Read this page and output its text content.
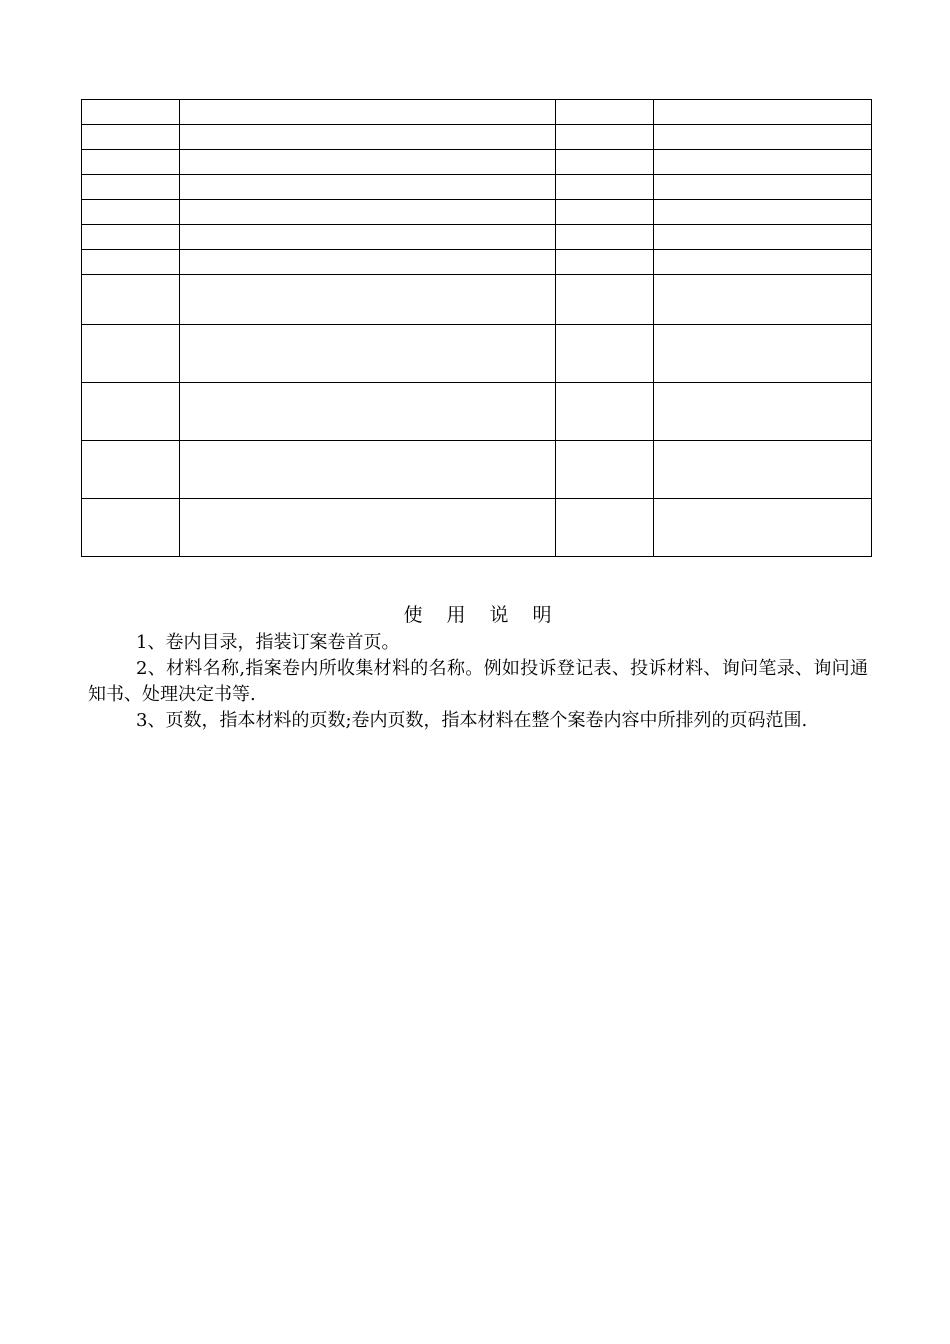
使 用 说 明

1、卷内目录，指装订案卷首页。

2、材料名称,指案卷内所收集材料的名称。例如投诉登记表、投诉材料、询问笔录、询问通知书、处理决定书等.

3、页数，指本材料的页数;卷内页数，指本材料在整个案卷内容中所排列的页码范围.
